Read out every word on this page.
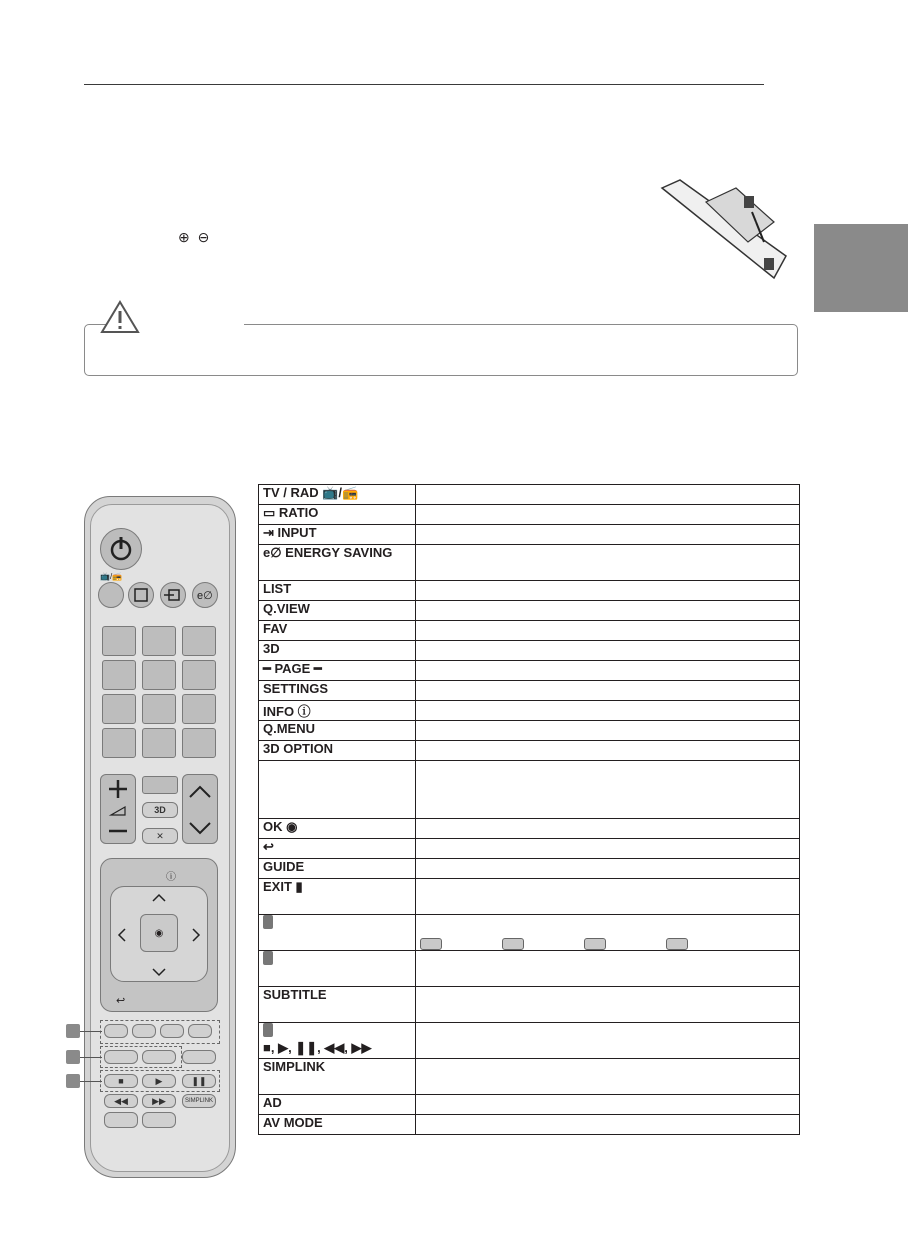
⊕ ⊖
📺/📻
e∅
3D
✕
ⓘ
◉
↩
■	▶	❚❚
◀◀	▶▶	SIMPLINK
TV / RAD 📺/📻	
▭ RATIO	
⇥ INPUT	
e∅ ENERGY SAVING	
LIST	
Q.VIEW	
FAV	
3D	
━ PAGE ━	
SETTINGS	
INFO ⓘ	
Q.MENU	
3D OPTION	

OK ◉	
↩	
GUIDE	
EXIT ▮	

SUBTITLE	

■, ▶, ❚❚, ◀◀, ▶▶	
SIMPLINK	
AD	
AV MODE	
